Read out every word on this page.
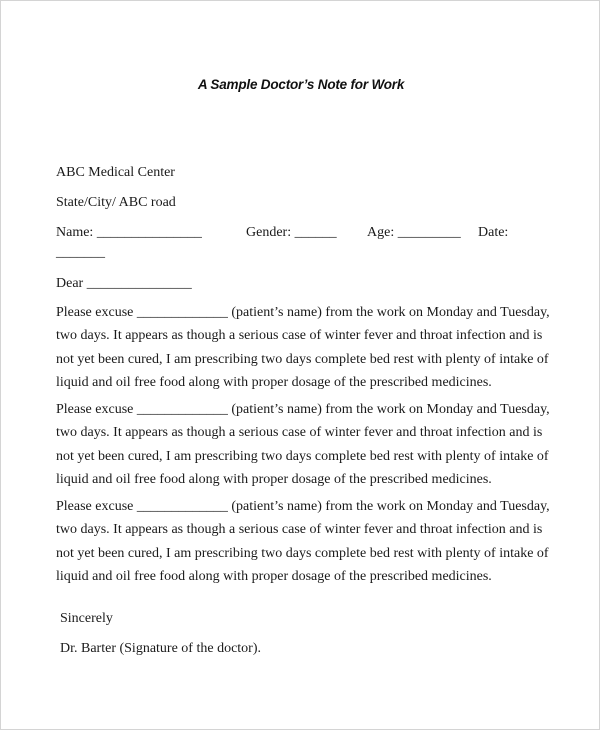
A Sample Doctor’s Note for Work
ABC Medical Center
State/City/ ABC road
Name: _______________	Gender: ______ Age: _________ Date:
_______
Dear _______________
Please excuse _____________ (patient’s name) from the work on Monday and Tuesday,
two days. It appears as though a serious case of winter fever and throat infection and is
not yet been cured, I am prescribing two days complete bed rest with plenty of intake of
liquid and oil free food along with proper dosage of the prescribed medicines.
Please excuse _____________ (patient’s name) from the work on Monday and Tuesday,
two days. It appears as though a serious case of winter fever and throat infection and is
not yet been cured, I am prescribing two days complete bed rest with plenty of intake of
liquid and oil free food along with proper dosage of the prescribed medicines.
Please excuse _____________ (patient’s name) from the work on Monday and Tuesday,
two days. It appears as though a serious case of winter fever and throat infection and is
not yet been cured, I am prescribing two days complete bed rest with plenty of intake of
liquid and oil free food along with proper dosage of the prescribed medicines.
Sincerely
Dr. Barter (Signature of the doctor).
